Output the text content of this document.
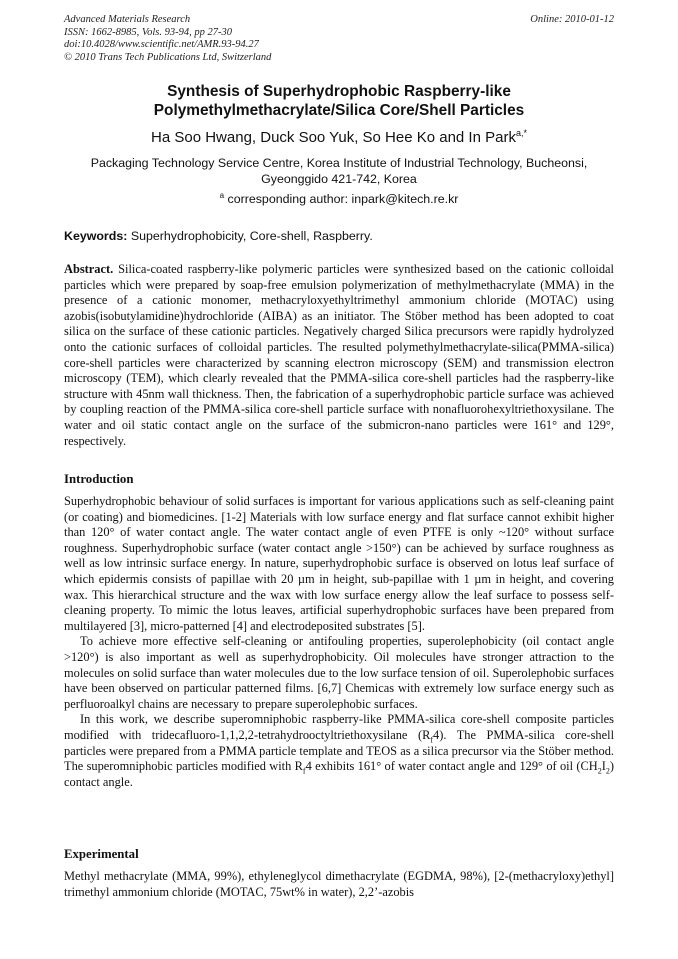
Advanced Materials Research
ISSN: 1662-8985, Vols. 93-94, pp 27-30
doi:10.4028/www.scientific.net/AMR.93-94.27
© 2010 Trans Tech Publications Ltd, Switzerland
Online: 2010-01-12
Synthesis of Superhydrophobic Raspberry-like
Polymethylmethacrylate/Silica Core/Shell Particles
Ha Soo Hwang, Duck Soo Yuk, So Hee Ko and In Park$^{a,*}$
Packaging Technology Service Centre, Korea Institute of Industrial Technology, Bucheonsi,
Gyeonggido 421-742, Korea
$^a$ corresponding author: inpark@kitech.re.kr
Keywords: Superhydrophobicity, Core-shell, Raspberry.

Abstract. Silica-coated raspberry-like polymeric particles were synthesized based on the cationic colloidal particles which were prepared by soap-free emulsion polymerization of methylmethacrylate (MMA) in the presence of a cationic monomer, methacryloxyethyltrimethyl ammonium chloride (MOTAC) using azobis(isobutylamidine)hydrochloride (AIBA) as an initiator. The Stöber method has been adopted to coat silica on the surface of these cationic particles. Negatively charged Silica precursors were rapidly hydrolyzed onto the cationic surfaces of colloidal particles. The resulted polymethylmethacrylate-silica(PMMA-silica) core-shell particles were characterized by scanning electron microscopy (SEM) and transmission electron microscopy (TEM), which clearly revealed that the PMMA-silica core-shell particles had the raspberry-like structure with 45nm wall thickness. Then, the fabrication of a superhydrophobic particle surface was achieved by coupling reaction of the PMMA-silica core-shell particle surface with nonafluorohexyltriethoxysilane. The water and oil static contact angle on the surface of the submicron-nano particles were 161° and 129°, respectively.

Introduction

Superhydrophobic behaviour of solid surfaces is important for various applications such as self-cleaning paint (or coating) and biomedicines. [1-2] Materials with low surface energy and flat surface cannot exhibit higher than 120° of water contact angle. The water contact angle of even PTFE is only ~120° without surface roughness. Superhydrophobic surface (water contact angle >150°) can be achieved by surface roughness as well as low intrinsic surface energy. In nature, superhydrophobic surface is observed on lotus leaf surface of which epidermis consists of papillae with 20 µm in height, sub-papillae with 1 µm in height, and covering wax. This hierarchical structure and the wax with low surface energy allow the leaf surface to possess self-cleaning property. To mimic the lotus leaves, artificial superhydrophobic surfaces have been prepared from multilayered [3], micro-patterned [4] and electrodeposited substrates [5].

To achieve more effective self-cleaning or antifouling properties, superolephobicity (oil contact angle >120°) is also important as well as superhydrophobicity. Oil molecules have stronger attraction to the molecules on solid surface than water molecules due to the low surface tension of oil. Superolephobic surfaces have been observed on particular patterned films. [6,7] Chemicas with extremely low surface energy such as perfluoroalkyl chains are necessary to prepare superolephobic surfaces.

In this work, we describe superomniphobic raspberry-like PMMA-silica core-shell composite particles modified with tridecafluoro-1,1,2,2-tetrahydrooctyltriethoxysilane $(R_f4)$. The PMMA-silica core-shell particles were prepared from a PMMA particle template and TEOS as a silica precursor via the Stöber method. The superomniphobic particles modified with $R_f4$ exhibits 161° of water contact angle and 129° of oil $(CH_2I_2)$ contact angle.

Experimental

Methyl methacrylate (MMA, 99%), ethyleneglycol dimethacrylate (EGDMA, 98%), [2-(methacryloxy)ethyl] trimethyl ammonium chloride (MOTAC, 75wt% in water), 2,2’-azobis
